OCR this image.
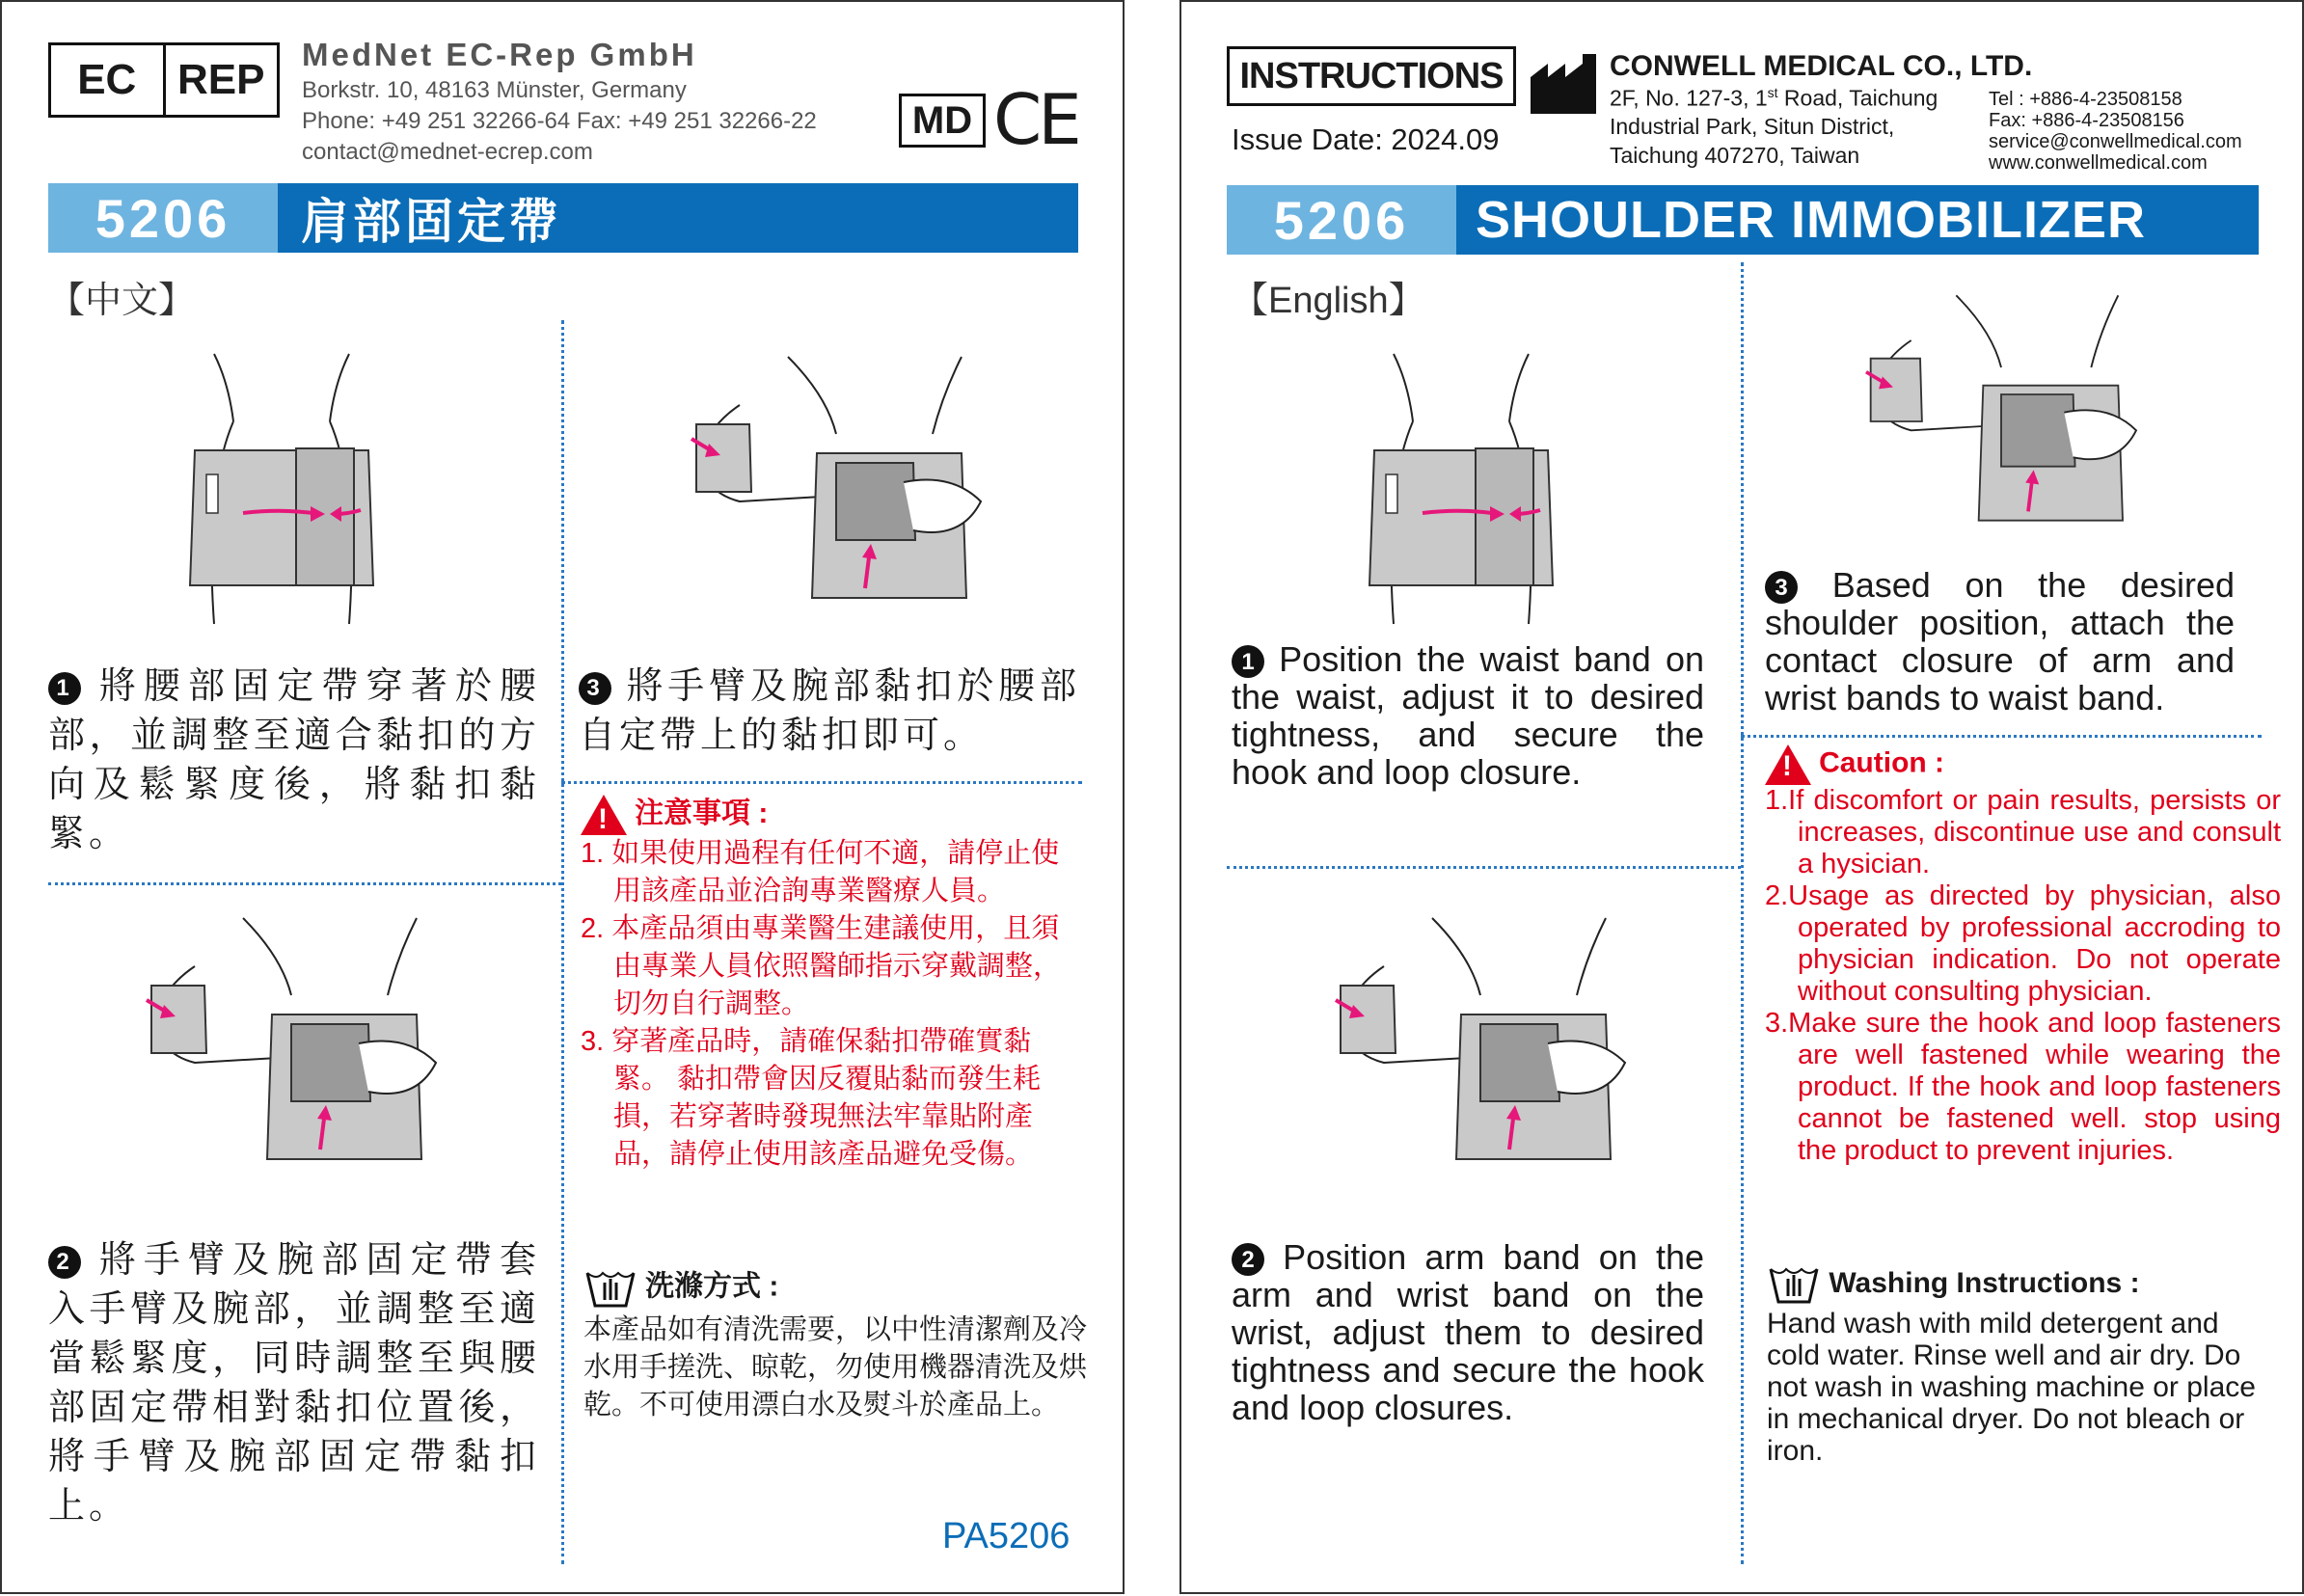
EC REP
MedNet EC-Rep GmbH
Borkstr. 10, 48163 Münster, Germany
Phone: +49 251 32266-64 Fax: +49 251 32266-22
contact@mednet-ecrep.com
MD CE
5206	肩部固定帶
【中文】
1 將腰部固定帶穿著於腰部，並調整至適合黏扣的方向及鬆緊度後，將黏扣黏緊。
3 將手臂及腕部黏扣於腰部自定帶上的黏扣即可。
2 將手臂及腕部固定帶套入手臂及腕部，並調整至適當鬆緊度，同時調整至與腰部固定帶相對黏扣位置後，將手臂及腕部固定帶黏扣上。
! 注意事項 :
1. 如果使用過程有任何不適，請停止使用該產品並洽詢專業醫療人員。
2. 本產品須由專業醫生建議使用，且須由專業人員依照醫師指示穿戴調整，切勿自行調整。
3. 穿著產品時，請確保黏扣帶確實黏緊。 黏扣帶會因反覆貼黏而發生耗損，若穿著時發現無法牢靠貼附產品，請停止使用該產品避免受傷。
洗滌方式 :
本產品如有清洗需要，以中性清潔劑及冷水用手搓洗、晾乾，勿使用機器清洗及烘乾。不可使用漂白水及熨斗於產品上。
PA5206
INSTRUCTIONS
Issue Date: 2024.09
CONWELL MEDICAL CO., LTD.
2F, No. 127-3, 1st Road, Taichung
Industrial Park, Situn District,
Taichung 407270, Taiwan
Tel : +886-4-23508158
Fax: +886-4-23508156
service@conwellmedical.com
www.conwellmedical.com
5206	SHOULDER IMMOBILIZER
【English】
1 Position the waist band on the waist, adjust it to desired tightness, and secure the hook and loop closure.
2 Position arm band on the arm and wrist band on the wrist, adjust them to desired tightness and secure the hook and loop closures.
3 Based on the desired shoulder position, attach the contact closure of arm and wrist bands to waist band.
! Caution :
1.If discomfort or pain results, persists or increases, discontinue use and consult a hysician.
2.Usage as directed by physician, also operated by professional accroding to physician indication. Do not operate without consulting physician.
3.Make sure the hook and loop fasteners are well fastened while wearing the product. If the hook and loop fasteners cannot be fastened well. stop using the product to prevent injuries.
Washing Instructions :
Hand wash with mild detergent and cold water. Rinse well and air dry. Do not wash in washing machine or place in mechanical dryer. Do not bleach or iron.
